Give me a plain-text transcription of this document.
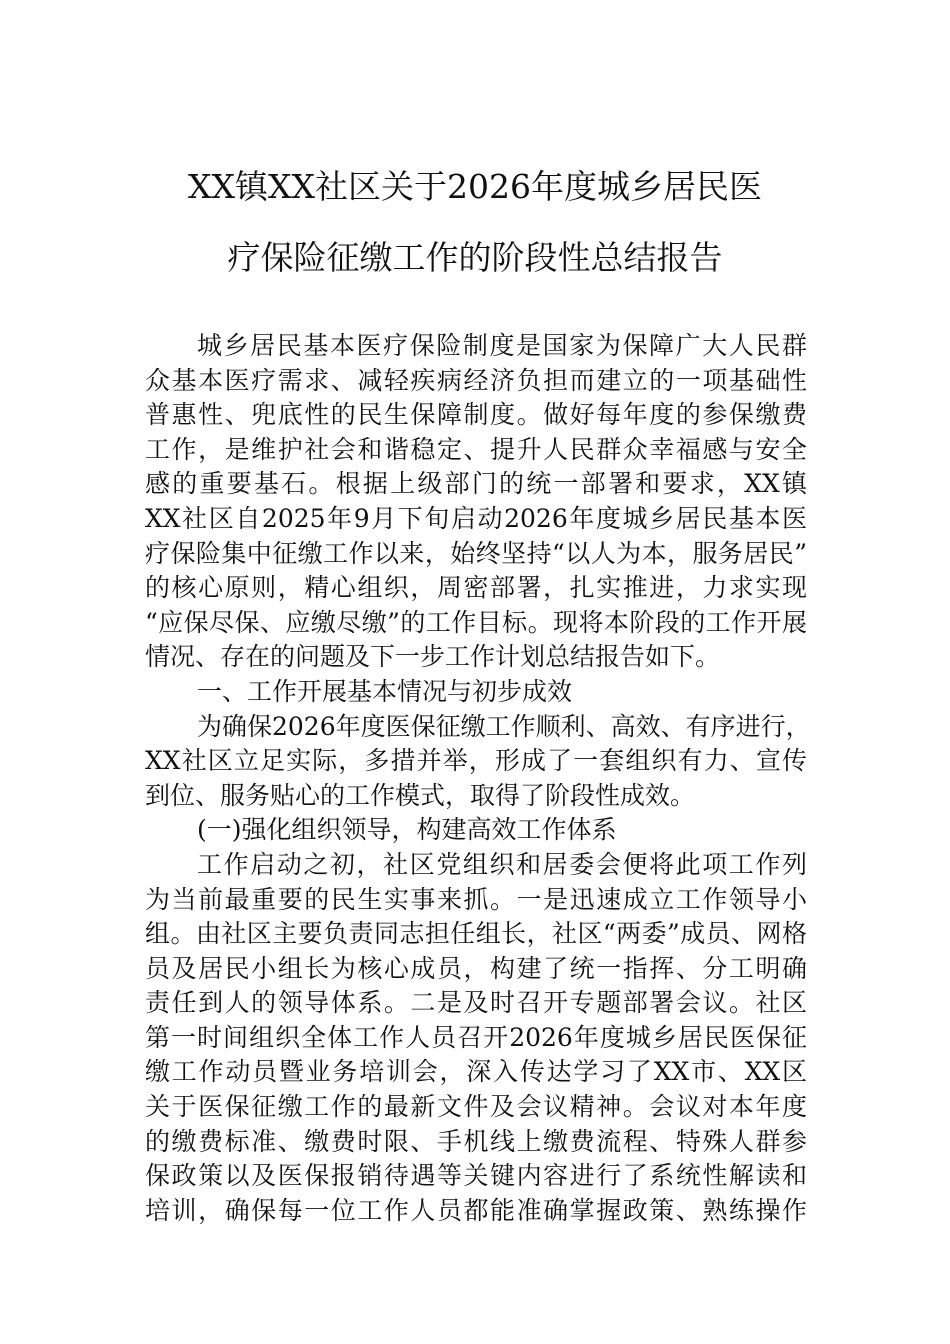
XX镇XX社区关于2026年度城乡居民医
疗保险征缴工作的阶段性总结报告
城乡居民基本医疗保险制度是国家为保障广大人民群
众基本医疗需求、减轻疾病经济负担而建立的一项基础性
普惠性、兜底性的民生保障制度。做好每年度的参保缴费
工作，是维护社会和谐稳定、提升人民群众幸福感与安全
感的重要基石。根据上级部门的统一部署和要求，XX镇
XX社区自2025年9月下旬启动2026年度城乡居民基本医
疗保险集中征缴工作以来，始终坚持“以人为本，服务居民”
的核心原则，精心组织，周密部署，扎实推进，力求实现
“应保尽保、应缴尽缴”的工作目标。现将本阶段的工作开展
情况、存在的问题及下一步工作计划总结报告如下。
一、工作开展基本情况与初步成效
为确保2026年度医保征缴工作顺利、高效、有序进行，
XX社区立足实际，多措并举，形成了一套组织有力、宣传
到位、服务贴心的工作模式，取得了阶段性成效。
(一)强化组织领导，构建高效工作体系
工作启动之初，社区党组织和居委会便将此项工作列
为当前最重要的民生实事来抓。一是迅速成立工作领导小
组。由社区主要负责同志担任组长，社区“两委”成员、网格
员及居民小组长为核心成员，构建了统一指挥、分工明确
责任到人的领导体系。二是及时召开专题部署会议。社区
第一时间组织全体工作人员召开2026年度城乡居民医保征
缴工作动员暨业务培训会，深入传达学习了XX市、XX区
关于医保征缴工作的最新文件及会议精神。会议对本年度
的缴费标准、缴费时限、手机线上缴费流程、特殊人群参
保政策以及医保报销待遇等关键内容进行了系统性解读和
培训，确保每一位工作人员都能准确掌握政策、熟练操作
